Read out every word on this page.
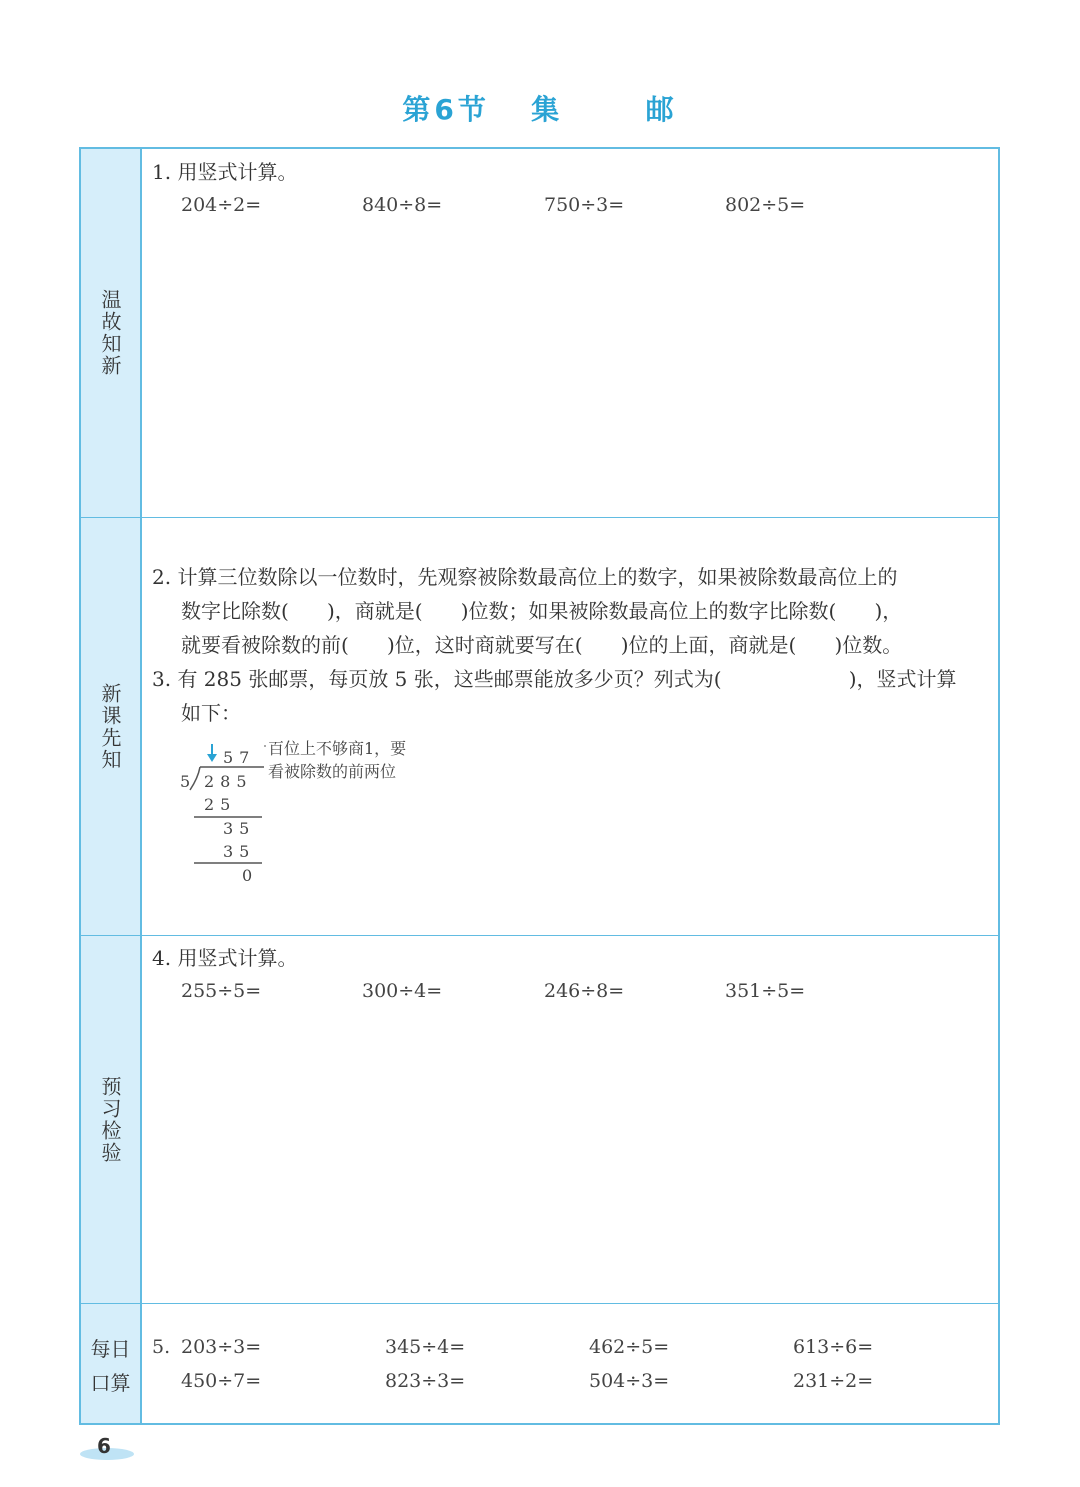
第6节   集      邮
温故知新
新课先知
预习检验
每日
口算
1. 用竖式计算。
204÷2=	840÷8=	750÷3=	802÷5=
2. 计算三位数除以一位数时，先观察被除数最高位上的数字，如果被除数最高位上的
数字比除数(      )，商就是(      )位数；如果被除数最高位上的数字比除数(      )，
就要看被除数的前(      )位，这时商就要写在(      )位的上面，商就是(      )位数。
3. 有 285 张邮票，每页放 5 张，这些邮票能放多少页？列式为(                    )，竖式计算
如下：
57
5 285
25
35
35
0
百位上不够商1，要
看被除数的前两位
4. 用竖式计算。
255÷5=	300÷4=	246÷8=	351÷5=
5. 203÷3=	345÷4=	462÷5=	613÷6=
450÷7=	823÷3=	504÷3=	231÷2=
6
